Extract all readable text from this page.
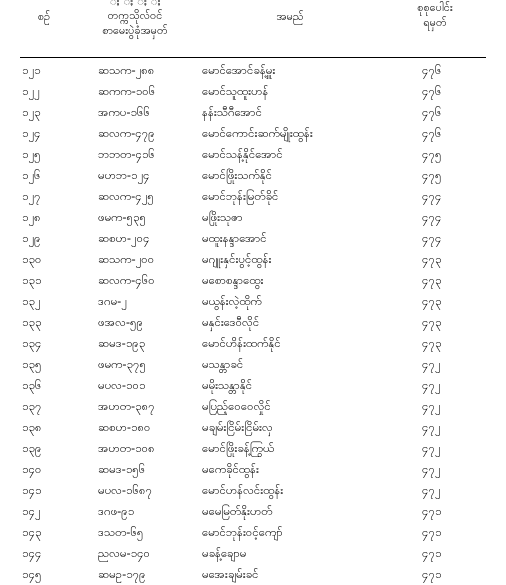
စဉ်
ႈ ႈ ႈ ႈ
တက္ကသိုလ်ဝင်
စာမေးပွဲခုံအမှတ်
အမည်
စုစုပေါင်း
ရမှတ်
၁၂၁	ဆသက-၂၈၈	မောင်အောင်ခန့်မှူး	၄၇၆
၁၂၂	ဆကက-၁၀၆	မောင်သူထူးဟန်	၄၇၆
၁၂၃	အကပ-၁၆၆	နန်းသီဂီအောင်	၄၇၆
၁၂၄	ဆလက-၄၇၉	မောင်ကောင်းဆက်မျိုးထွန်း	၄၇၆
၁၂၅	ဘဘတ-၄၁၆	မောင်သန့်နိုင်အောင်	၄၇၅
၁၂၆	မဟဘ-၁၂၄	မောင်ဖြိုးသက်နိုင်	၄၇၅
၁၂၇	ဆလက-၄၂၅	မောင်ဘုန်းမြတ်ခိုင်	၄၇၄
၁၂၈	ဖမက-၅၃၅	မဖြိုးသုဇာ	၄၇၄
၁၂၉	ဆစဟ-၂၀၄	မထူးနန္ဒာအောင်	၄၇၄
၁၃၀	ဆသက-၂၀၀	မဂျူးနှင်းပွင့်ထွန်း	၄၇၃
၁၃၁	ဆလက-၄၆၀	မစောစန္ဒာထွေး	၄၇၃
၁၃၂	ဒဂမ-၂	မယွန်းလဲ့ထိုက်	၄၇၃
၁၃၃	ဖအလ-၅၉	မနှင်းဒေဝီလိုင်	၄၇၃
၁၃၄	ဆမဒ-၁၉၃	မောင်ဟိန်းထက်နိုင်	၄၇၃
၁၃၅	ဖမက-၃၇၅	မသန္တာခင်	၄၇၂
၁၃၆	မပလ-၁၀၁	မမိုးသန္တာနိုင်	၄၇၂
၁၃၇	အဟတ-၃၈၇	မပြည့်ဝေဝေလှိုင်	၄၇၂
၁၃၈	ဆစဟ-၁၈၀	မချမ်းငြိမ်းငြိမ်းလှ	၄၇၂
၁၃၉	အဟတ-၁၀၈	မောင်ဖြိုးခန့်ကြွယ်	၄၇၂
၁၄၀	ဆမဒ-၁၅၆	မကေခိုင်ထွန်း	၄၇၂
၁၄၁	မပလ-၁၆၈၇	မောင်ဟန်လင်းထွန်း	၄၇၂
၁၄၂	ဒဂဖ-၉၁	မမေမြတ်နိုးဟတ်	၄၇၁
၁၄၃	ဒသတ-၆၅	မောင်ဘုန်းဝင့်ကျော်	၄၇၁
၁၄၄	ညလမ-၁၄၀	မခန့်ချောမ	၄၇၁
၁၄၅	ဆမဥ-၁၇၉	မအေးချမ်းခင်	၄၇၁
